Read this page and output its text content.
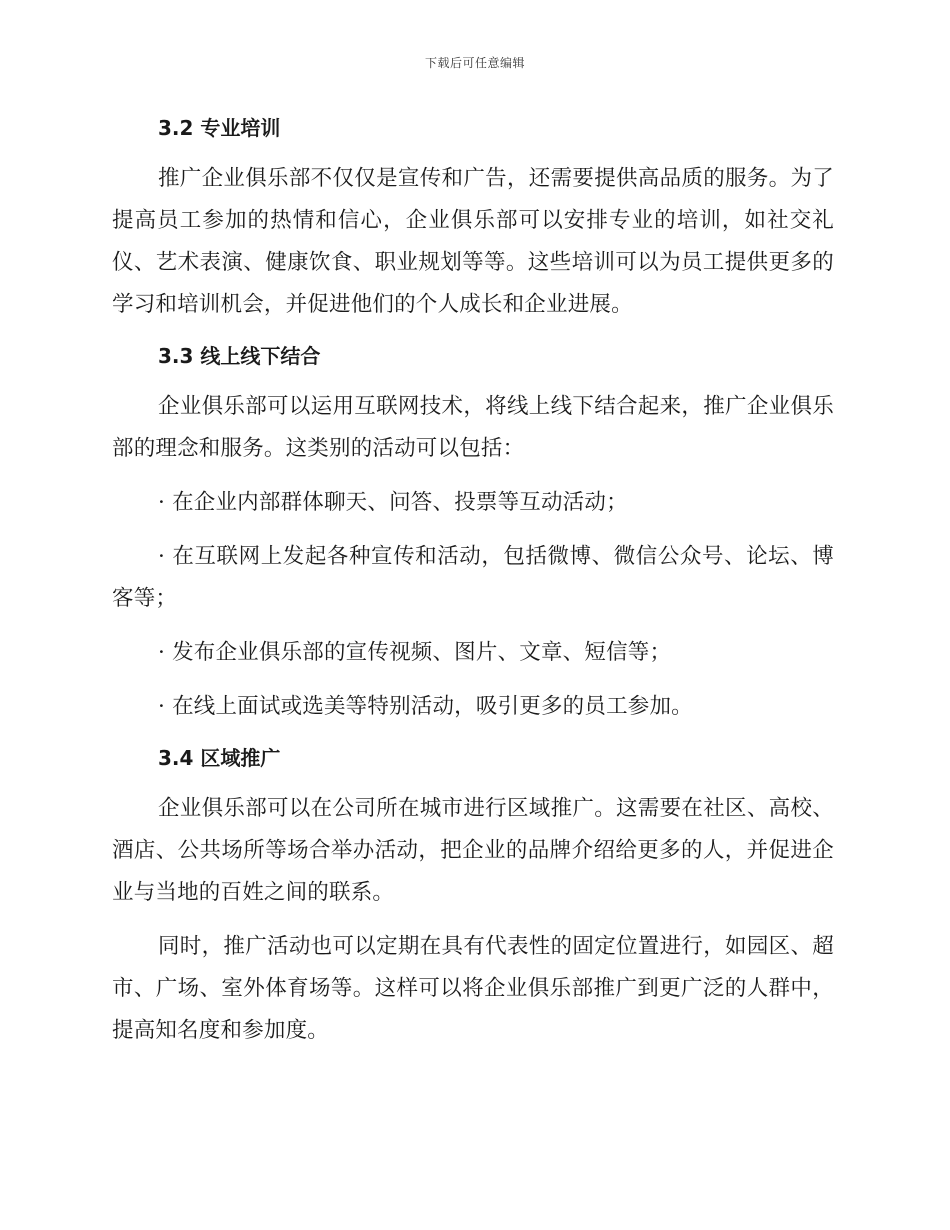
下载后可任意编辑
3.2 专业培训

推广企业俱乐部不仅仅是宣传和广告，还需要提供高品质的服务。为了提高员工参加的热情和信心，企业俱乐部可以安排专业的培训，如社交礼仪、艺术表演、健康饮食、职业规划等等。这些培训可以为员工提供更多的学习和培训机会，并促进他们的个人成长和企业进展。

3.3 线上线下结合

企业俱乐部可以运用互联网技术，将线上线下结合起来，推广企业俱乐部的理念和服务。这类别的活动可以包括：

· 在企业内部群体聊天、问答、投票等互动活动；

· 在互联网上发起各种宣传和活动，包括微博、微信公众号、论坛、博客等；

· 发布企业俱乐部的宣传视频、图片、文章、短信等；

· 在线上面试或选美等特别活动，吸引更多的员工参加。

3.4 区域推广

企业俱乐部可以在公司所在城市进行区域推广。这需要在社区、高校、酒店、公共场所等场合举办活动，把企业的品牌介绍给更多的人，并促进企业与当地的百姓之间的联系。

同时，推广活动也可以定期在具有代表性的固定位置进行，如园区、超市、广场、室外体育场等。这样可以将企业俱乐部推广到更广泛的人群中，提高知名度和参加度。
